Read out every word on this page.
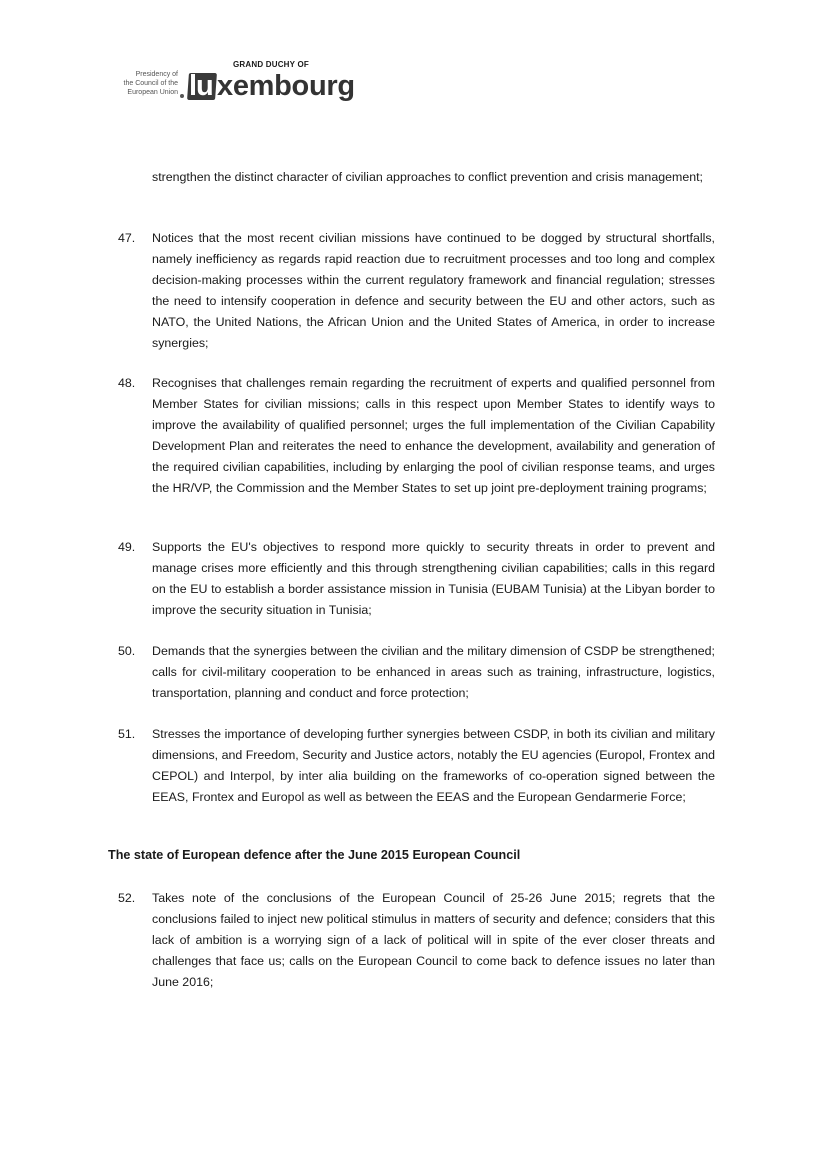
Presidency of
the Council of the
European Union
GRAND DUCHY OF
lu xembourg

strengthen the distinct character of civilian approaches to conflict prevention and crisis management;

47. Notices that the most recent civilian missions have continued to be dogged by structural shortfalls, namely inefficiency as regards rapid reaction due to recruitment processes and too long and complex decision-making processes within the current regulatory framework and financial regulation; stresses the need to intensify cooperation in defence and security between the EU and other actors, such as NATO, the United Nations, the African Union and the United States of America, in order to increase synergies;

48. Recognises that challenges remain regarding the recruitment of experts and qualified personnel from Member States for civilian missions; calls in this respect upon Member States to identify ways to improve the availability of qualified personnel; urges the full implementation of the Civilian Capability Development Plan and reiterates the need to enhance the development, availability and generation of the required civilian capabilities, including by enlarging the pool of civilian response teams, and urges the HR/VP, the Commission and the Member States to set up joint pre-deployment training programs;

49. Supports the EU's objectives to respond more quickly to security threats in order to prevent and manage crises more efficiently and this through strengthening civilian capabilities; calls in this regard on the EU to establish a border assistance mission in Tunisia (EUBAM Tunisia) at the Libyan border to improve the security situation in Tunisia;

50. Demands that the synergies between the civilian and the military dimension of CSDP be strengthened; calls for civil-military cooperation to be enhanced in areas such as training, infrastructure, logistics, transportation, planning and conduct and force protection;

51. Stresses the importance of developing further synergies between CSDP, in both its civilian and military dimensions, and Freedom, Security and Justice actors, notably the EU agencies (Europol, Frontex and CEPOL) and Interpol, by inter alia building on the frameworks of co-operation signed between the EEAS, Frontex and Europol as well as between the EEAS and the European Gendarmerie Force;

The state of European defence after the June 2015 European Council
52. Takes note of the conclusions of the European Council of 25-26 June 2015; regrets that the conclusions failed to inject new political stimulus in matters of security and defence; considers that this lack of ambition is a worrying sign of a lack of political will in spite of the ever closer threats and challenges that face us; calls on the European Council to come back to defence issues no later than June 2016;
